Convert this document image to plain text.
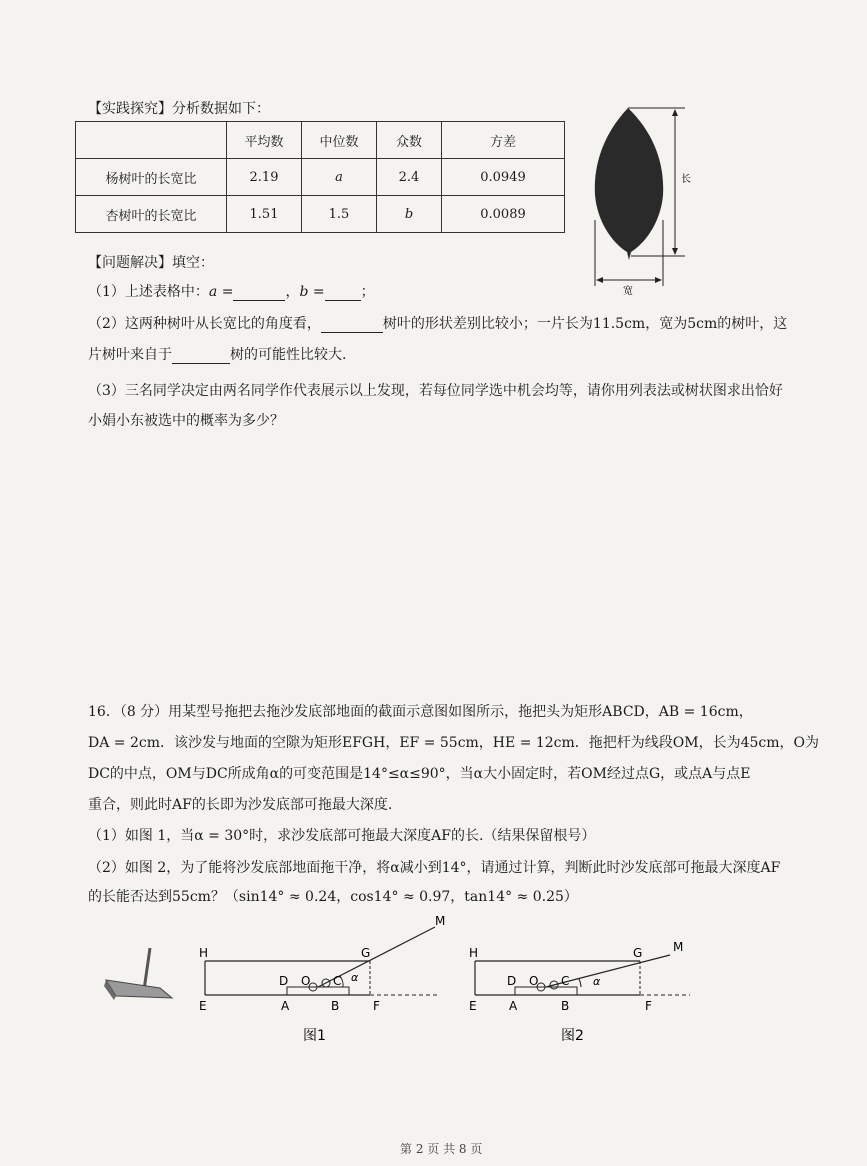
【实践探究】分析数据如下：
	平均数	中位数	众数	方差
杨树叶的长宽比	2.19	a	2.4	0.0949
杏树叶的长宽比	1.51	1.5	b	0.0089
长
宽
【问题解决】填空：
（1）上述表格中：a =	，b =	；
（2）这两种树叶从长宽比的角度看，	树叶的形状差别比较小；一片长为11.5cm，宽为5cm的树叶，这
片树叶来自于	树的可能性比较大.
（3）三名同学决定由两名同学作代表展示以上发现，若每位同学选中机会均等，请你用列表法或树状图求出恰好
小娟小东被选中的概率为多少？
16．（8 分）用某型号拖把去拖沙发底部地面的截面示意图如图所示，拖把头为矩形ABCD，AB = 16cm，
DA = 2cm．该沙发与地面的空隙为矩形EFGH，EF = 55cm，HE = 12cm．拖把杆为线段OM，长为45cm，O为
DC的中点，OM与DC所成角α的可变范围是14°≤α≤90°，当α大小固定时，若OM经过点G，或点A与点E
重合，则此时AF的长即为沙发底部可拖最大深度.
（1）如图 1，当α = 30°时，求沙发底部可拖最大深度AF的长.（结果保留根号）
（2）如图 2，为了能将沙发底部地面拖干净，将α减小到14°，请通过计算，判断此时沙发底部可拖最大深度AF
的长能否达到55cm？（sin14° ≈ 0.24，cos14° ≈ 0.97，tan14° ≈ 0.25）
H	G
M
D O C α
E	A	B	F
图1
H	G	M
D O C α
E	A	B	F
图2
第 2 页 共 8 页
